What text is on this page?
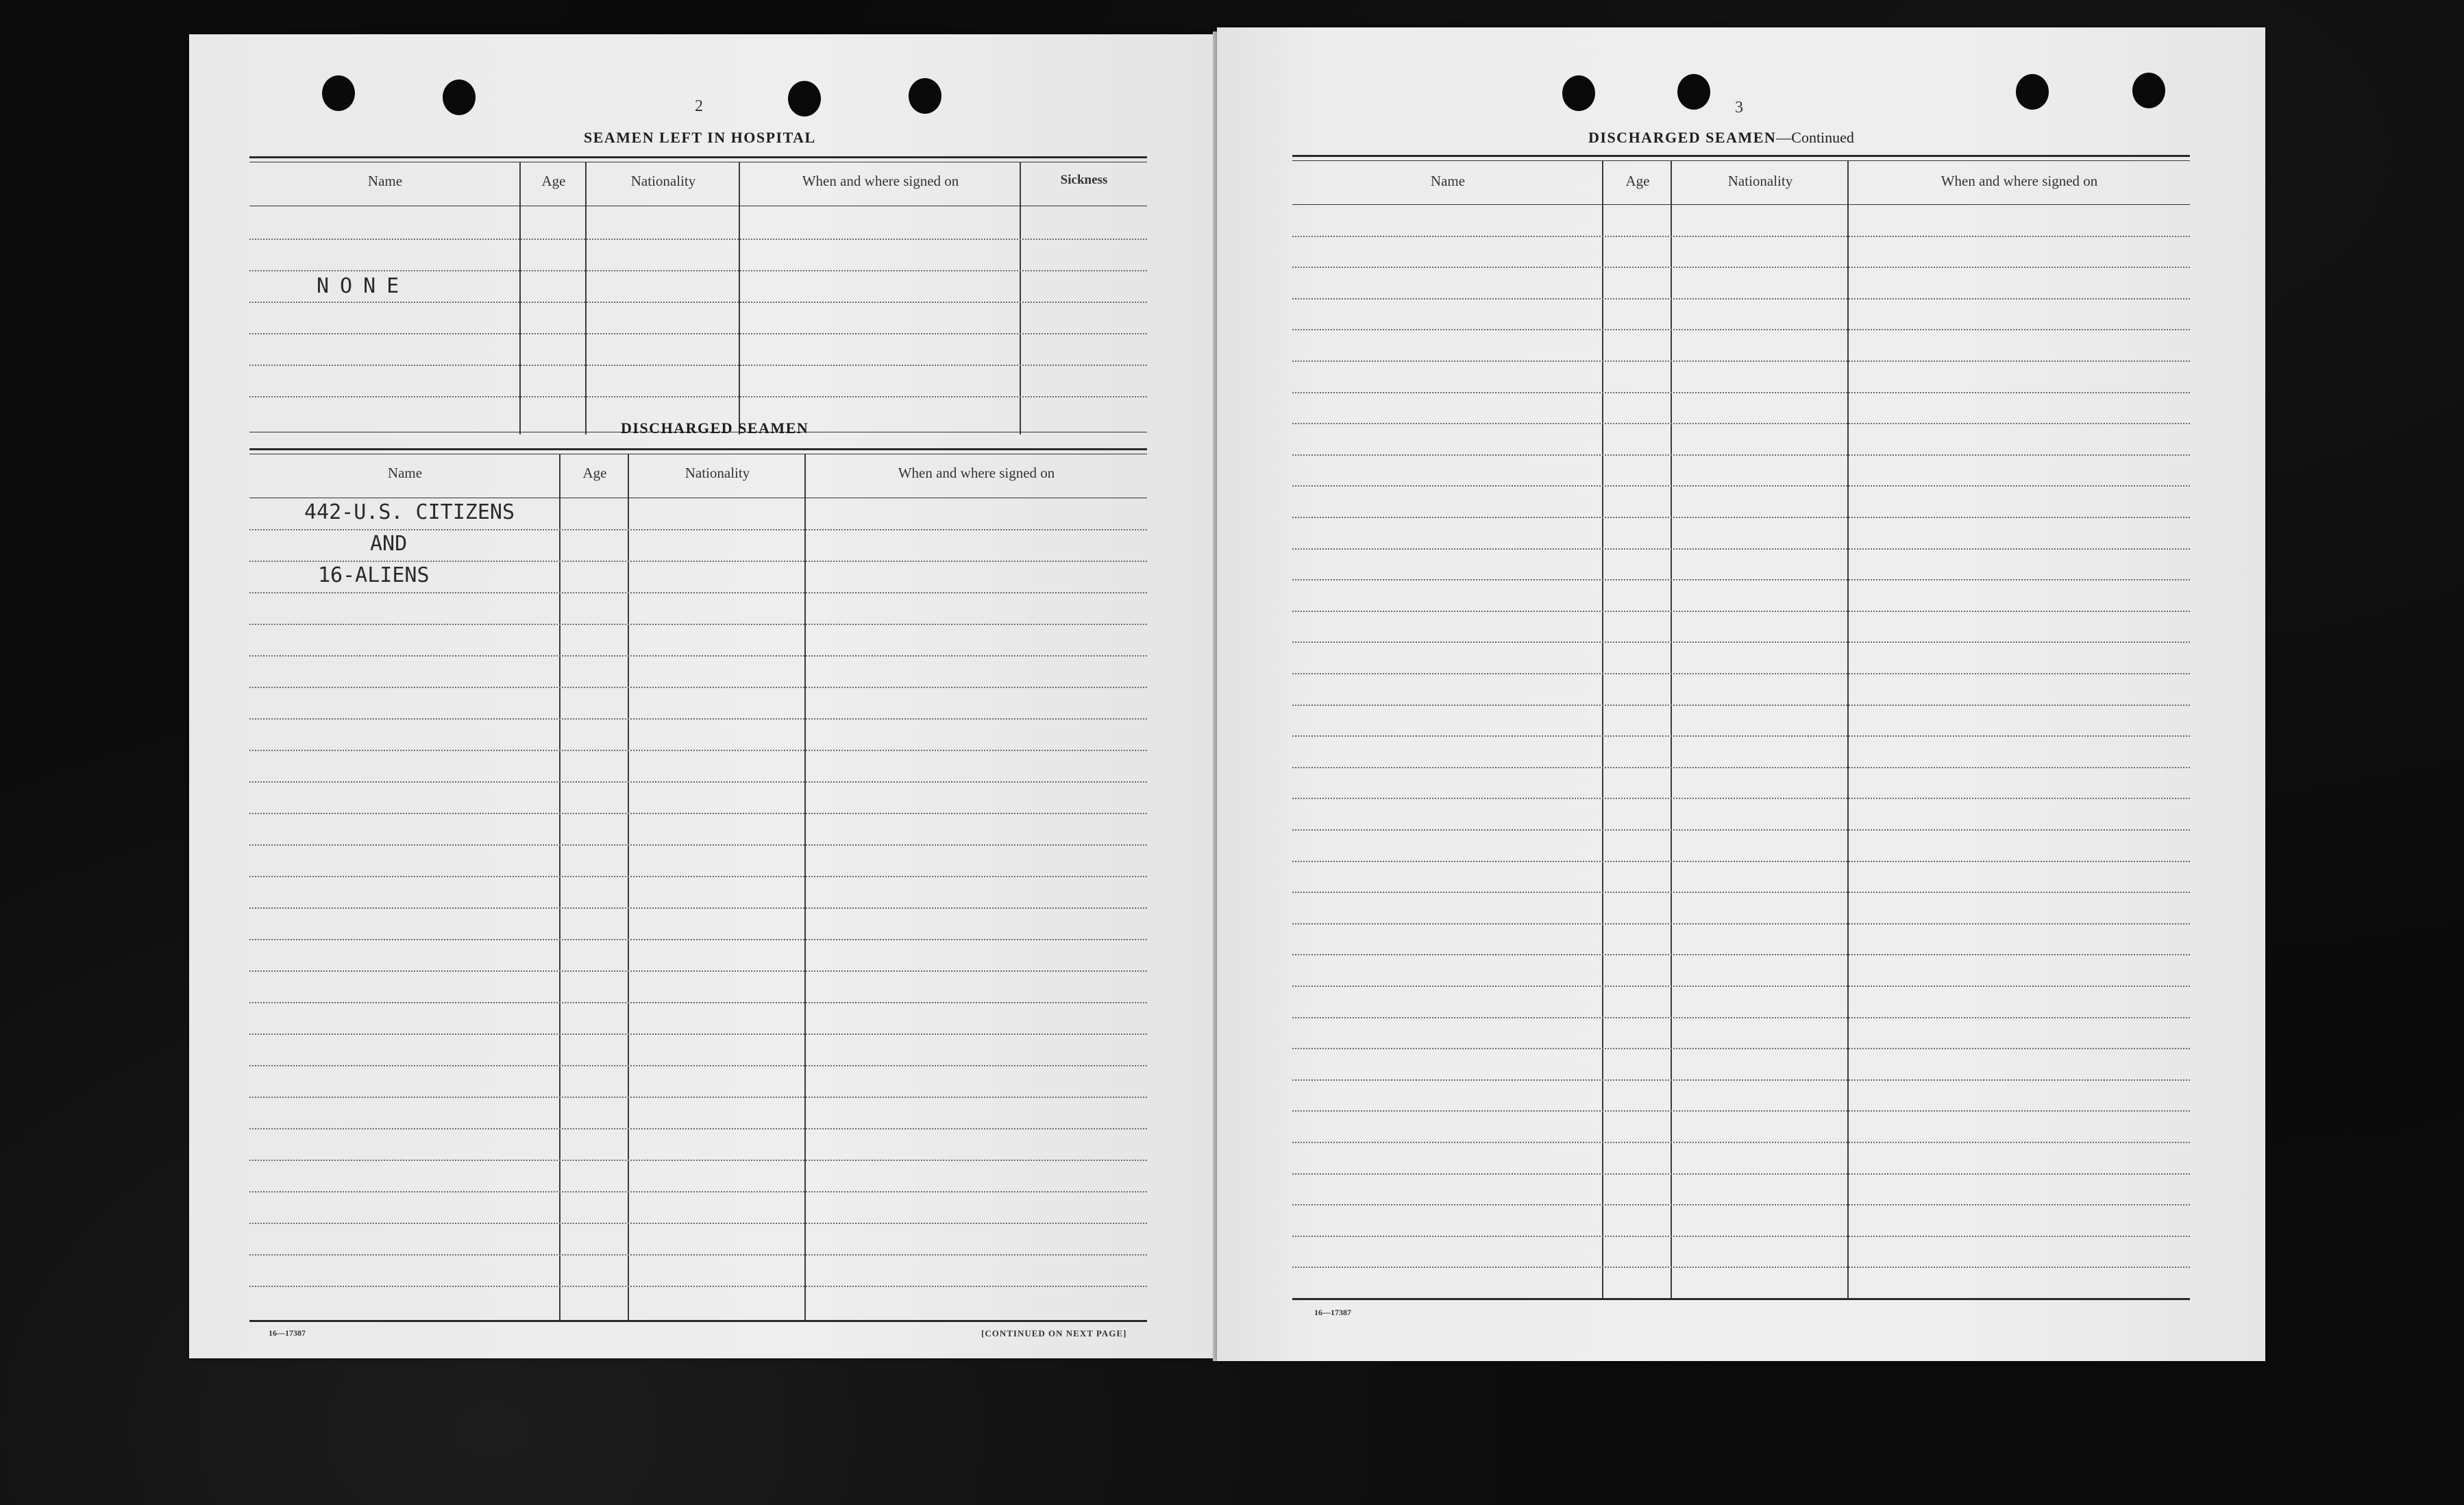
2
SEAMEN LEFT IN HOSPITAL
Name	Age	Nationality	When and where signed on	Sickness
NONE
DISCHARGED SEAMEN
Name	Age	Nationality	When and where signed on
442-U.S. CITIZENS
AND
16-ALIENS
16—17387	[CONTINUED ON NEXT PAGE]
3
DISCHARGED SEAMEN—Continued
Name	Age	Nationality	When and where signed on
16—17387
